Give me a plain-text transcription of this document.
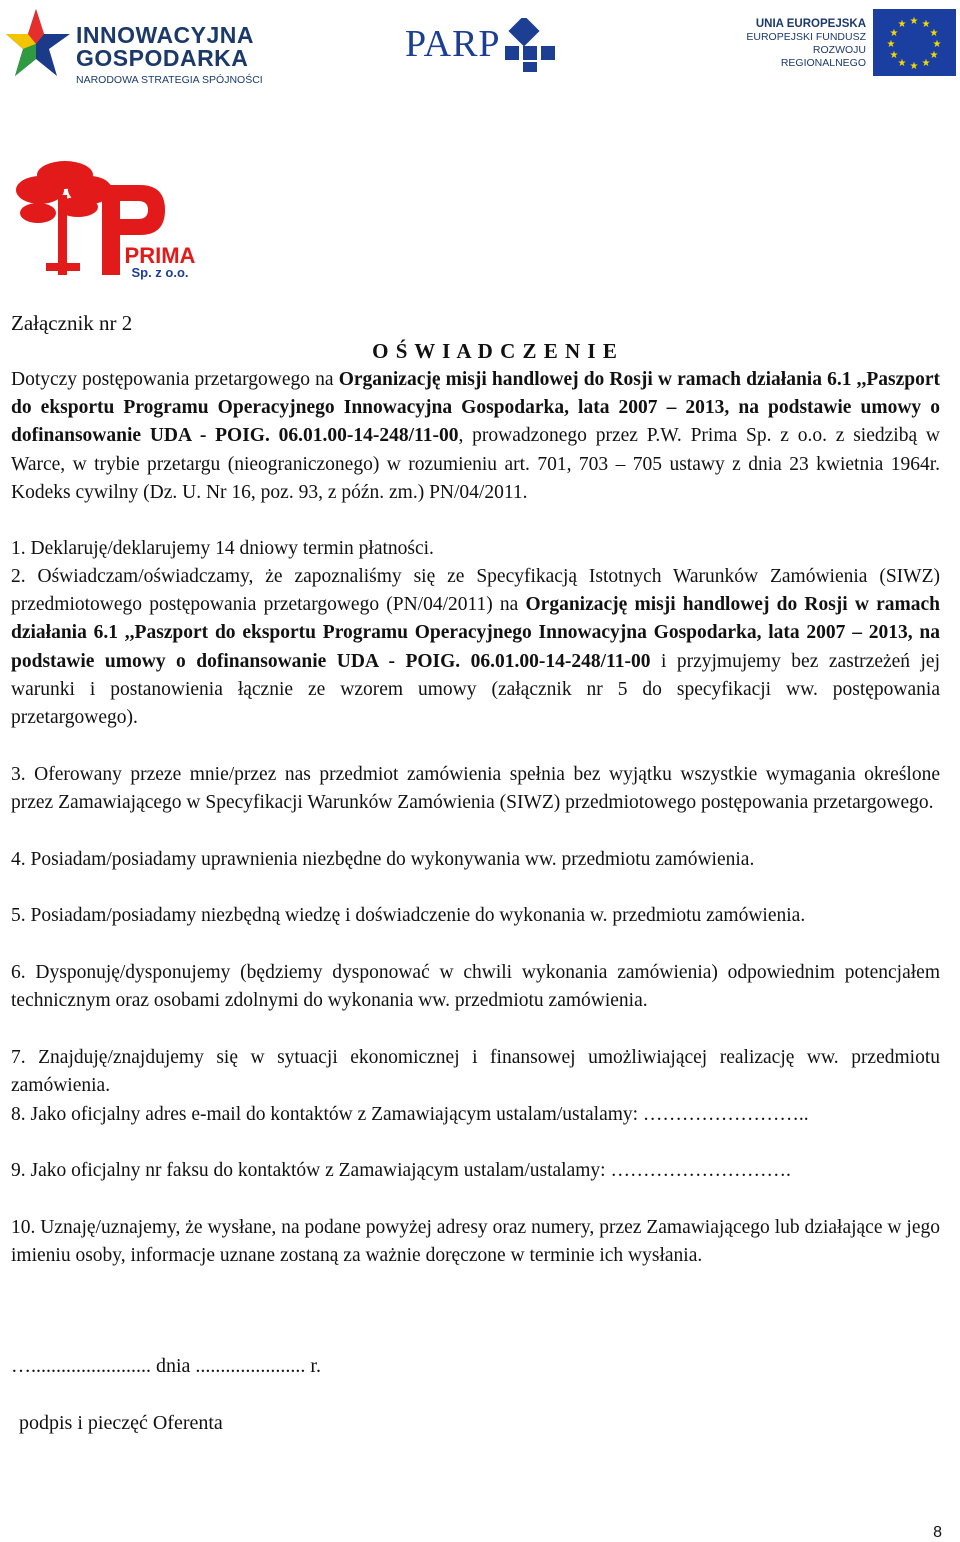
INNOWACYJNA
GOSPODARKA
NARODOWA STRATEGIA SPÓJNOŚCI
PARP	UNIA EUROPEJSKA
EUROPEJSKI FUNDUSZ
ROZWOJU REGIONALNEGO
★ ★
★
★
★
★
★
★
★
★
★
★
PRIMA
Sp. z o.o.
Załącznik nr 2
O Ś W I A D C Z E N I E

Dotyczy postępowania przetargowego na Organizację misji handlowej do Rosji w ramach działania 6.1 ,,Paszport do eksportu Programu Operacyjnego Innowacyjna Gospodarka, lata 2007 – 2013, na podstawie umowy o dofinansowanie UDA - POIG. 06.01.00-14-248/11-00, prowadzonego przez P.W. Prima Sp. z o.o. z siedzibą w Warce, w trybie przetargu (nieograniczonego) w rozumieniu art. 701, 703 – 705 ustawy z dnia 23 kwietnia 1964r. Kodeks cywilny (Dz. U. Nr 16, poz. 93, z późn. zm.) PN/04/2011.

1. Deklaruję/deklarujemy 14 dniowy termin płatności.

2. Oświadczam/oświadczamy, że zapoznaliśmy się ze Specyfikacją Istotnych Warunków Zamówienia (SIWZ) przedmiotowego postępowania przetargowego (PN/04/2011) na Organizację misji handlowej do Rosji w ramach działania 6.1 ,,Paszport do eksportu Programu Operacyjnego Innowacyjna Gospodarka, lata 2007 – 2013, na podstawie umowy o dofinansowanie UDA - POIG. 06.01.00-14-248/11-00 i przyjmujemy bez zastrzeżeń jej warunki i postanowienia łącznie ze wzorem umowy (załącznik nr 5 do specyfikacji ww. postępowania przetargowego).

3. Oferowany przeze mnie/przez nas przedmiot zamówienia spełnia bez wyjątku wszystkie wymagania określone przez Zamawiającego w Specyfikacji Warunków Zamówienia (SIWZ) przedmiotowego postępowania przetargowego.

4. Posiadam/posiadamy uprawnienia niezbędne do wykonywania ww. przedmiotu zamówienia.

5. Posiadam/posiadamy niezbędną wiedzę i doświadczenie do wykonania w. przedmiotu zamówienia.

6. Dysponuję/dysponujemy (będziemy dysponować w chwili wykonania zamówienia) odpowiednim potencjałem technicznym oraz osobami zdolnymi do wykonania ww. przedmiotu zamówienia.

7. Znajduję/znajdujemy się w sytuacji ekonomicznej i finansowej umożliwiającej realizację ww. przedmiotu zamówienia.

8. Jako oficjalny adres e-mail do kontaktów z Zamawiającym ustalam/ustalamy: ……………………..

9. Jako oficjalny nr faksu do kontaktów z Zamawiającym ustalam/ustalamy: ……………………….

10. Uznaję/uznajemy, że wysłane, na podane powyżej adresy oraz numery, przez Zamawiającego lub działające w jego imieniu osoby, informacje uznane zostaną za ważnie doręczone w terminie ich wysłania.

…........................ dnia ...................... r.
podpis i pieczęć Oferenta
8
